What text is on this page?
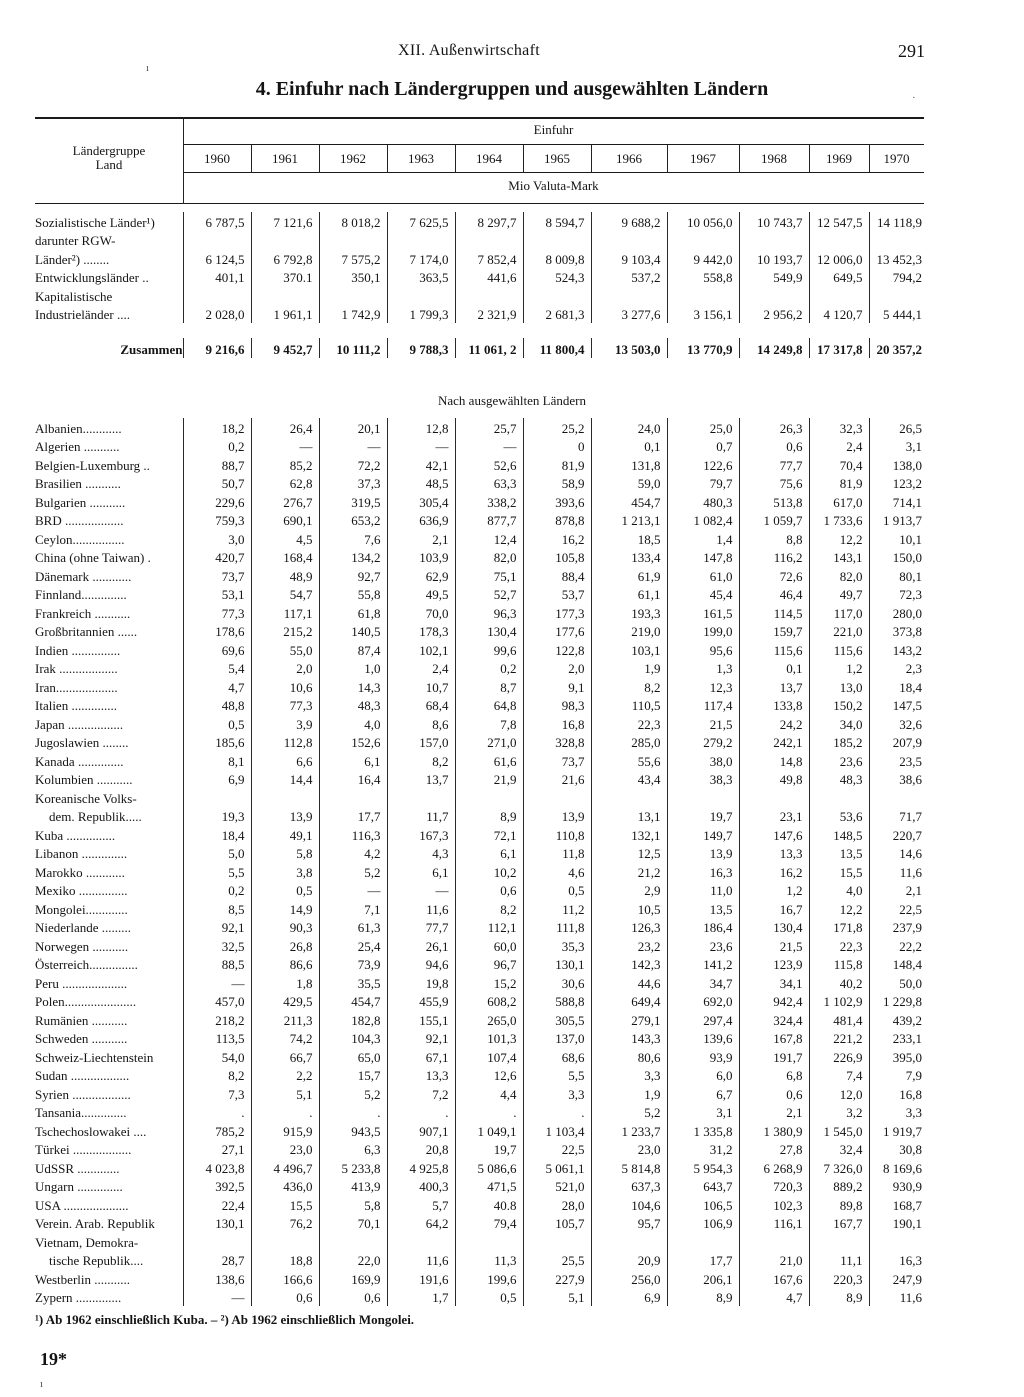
XII. Außenwirtschaft	291
ı
4. Einfuhr nach Ländergruppen und ausgewählten Ländern
Ländergruppe
Land
Einfuhr
Mio Valuta-Mark
1960	1961	1962	1963	1964	1965	1966	1967	1968	1969	1970
Sozialistische Länder¹)	6 787,5	7 121,6	8 018,2	7 625,5	8 297,7	8 594,7	9 688,2	10 056,0	10 743,7	12 547,5	14 118,9
darunter RGW-											
Länder²) ........	6 124,5	6 792,8	7 575,2	7 174,0	7 852,4	8 009,8	9 103,4	9 442,0	10 193,7	12 006,0	13 452,3
Entwicklungsländer ..	401,1	370.1	350,1	363,5	441,6	524,3	537,2	558,8	549,9	649,5	794,2
Kapitalistische											
Industrieländer ....	2 028,0	1 961,1	1 742,9	1 799,3	2 321,9	2 681,3	3 277,6	3 156,1	2 956,2	4 120,7	5 444,1
Zusammen	9 216,6	9 452,7	10 111,2	9 788,3	11 061, 2	11 800,4	13 503,0	13 770,9	14 249,8	17 317,8	20 357,2
Nach ausgewählten Ländern
Albanien............	18,2	26,4	20,1	12,8	25,7	25,2	24,0	25,0	26,3	32,3	26,5
Algerien ...........	0,2	—	—	—	—	0	0,1	0,7	0,6	2,4	3,1
Belgien-Luxemburg ..	88,7	85,2	72,2	42,1	52,6	81,9	131,8	122,6	77,7	70,4	138,0
Brasilien ...........	50,7	62,8	37,3	48,5	63,3	58,9	59,0	79,7	75,6	81,9	123,2
Bulgarien ...........	229,6	276,7	319,5	305,4	338,2	393,6	454,7	480,3	513,8	617,0	714,1
BRD ..................	759,3	690,1	653,2	636,9	877,7	878,8	1 213,1	1 082,4	1 059,7	1 733,6	1 913,7
Ceylon................	3,0	4,5	7,6	2,1	12,4	16,2	18,5	1,4	8,8	12,2	10,1
China (ohne Taiwan) .	420,7	168,4	134,2	103,9	82,0	105,8	133,4	147,8	116,2	143,1	150,0
Dänemark ............	73,7	48,9	92,7	62,9	75,1	88,4	61,9	61,0	72,6	82,0	80,1
Finnland..............	53,1	54,7	55,8	49,5	52,7	53,7	61,1	45,4	46,4	49,7	72,3
Frankreich ...........	77,3	117,1	61,8	70,0	96,3	177,3	193,3	161,5	114,5	117,0	280,0
Großbritannien ......	178,6	215,2	140,5	178,3	130,4	177,6	219,0	199,0	159,7	221,0	373,8
Indien ...............	69,6	55,0	87,4	102,1	99,6	122,8	103,1	95,6	115,6	115,6	143,2
Irak ..................	5,4	2,0	1,0	2,4	0,2	2,0	1,9	1,3	0,1	1,2	2,3
Iran...................	4,7	10,6	14,3	10,7	8,7	9,1	8,2	12,3	13,7	13,0	18,4
Italien ..............	48,8	77,3	48,3	68,4	64,8	98,3	110,5	117,4	133,8	150,2	147,5
Japan .................	0,5	3,9	4,0	8,6	7,8	16,8	22,3	21,5	24,2	34,0	32,6
Jugoslawien ........	185,6	112,8	152,6	157,0	271,0	328,8	285,0	279,2	242,1	185,2	207,9
Kanada ..............	8,1	6,6	6,1	8,2	61,6	73,7	55,6	38,0	14,8	23,6	23,5
Kolumbien ...........	6,9	14,4	16,4	13,7	21,9	21,6	43,4	38,3	49,8	48,3	38,6
Koreanische Volks-											
dem. Republik.....	19,3	13,9	17,7	11,7	8,9	13,9	13,1	19,7	23,1	53,6	71,7
Kuba ...............	18,4	49,1	116,3	167,3	72,1	110,8	132,1	149,7	147,6	148,5	220,7
Libanon ..............	5,0	5,8	4,2	4,3	6,1	11,8	12,5	13,9	13,3	13,5	14,6
Marokko ............	5,5	3,8	5,2	6,1	10,2	4,6	21,2	16,3	16,2	15,5	11,6
Mexiko ...............	0,2	0,5	—	—	0,6	0,5	2,9	11,0	1,2	4,0	2,1
Mongolei.............	8,5	14,9	7,1	11,6	8,2	11,2	10,5	13,5	16,7	12,2	22,5
Niederlande .........	92,1	90,3	61,3	77,7	112,1	111,8	126,3	186,4	130,4	171,8	237,9
Norwegen ...........	32,5	26,8	25,4	26,1	60,0	35,3	23,2	23,6	21,5	22,3	22,2
Österreich...............	88,5	86,6	73,9	94,6	96,7	130,1	142,3	141,2	123,9	115,8	148,4
Peru ....................	—	1,8	35,5	19,8	15,2	30,6	44,6	34,7	34,1	40,2	50,0
Polen......................	457,0	429,5	454,7	455,9	608,2	588,8	649,4	692,0	942,4	1 102,9	1 229,8
Rumänien ...........	218,2	211,3	182,8	155,1	265,0	305,5	279,1	297,4	324,4	481,4	439,2
Schweden ...........	113,5	74,2	104,3	92,1	101,3	137,0	143,3	139,6	167,8	221,2	233,1
Schweiz-Liechtenstein	54,0	66,7	65,0	67,1	107,4	68,6	80,6	93,9	191,7	226,9	395,0
Sudan ..................	8,2	2,2	15,7	13,3	12,6	5,5	3,3	6,0	6,8	7,4	7,9
Syrien ..................	7,3	5,1	5,2	7,2	4,4	3,3	1,9	6,7	0,6	12,0	16,8
Tansania..............	.	.	.	.	.	.	5,2	3,1	2,1	3,2	3,3
Tschechoslowakei ....	785,2	915,9	943,5	907,1	1 049,1	1 103,4	1 233,7	1 335,8	1 380,9	1 545,0	1 919,7
Türkei ..................	27,1	23,0	6,3	20,8	19,7	22,5	23,0	31,2	27,8	32,4	30,8
UdSSR .............	4 023,8	4 496,7	5 233,8	4 925,8	5 086,6	5 061,1	5 814,8	5 954,3	6 268,9	7 326,0	8 169,6
Ungarn ..............	392,5	436,0	413,9	400,3	471,5	521,0	637,3	643,7	720,3	889,2	930,9
USA ....................	22,4	15,5	5,8	5,7	40.8	28,0	104,6	106,5	102,3	89,8	168,7
Verein. Arab. Republik	130,1	76,2	70,1	64,2	79,4	105,7	95,7	106,9	116,1	167,7	190,1
Vietnam, Demokra-											
tische Republik....	28,7	18,8	22,0	11,6	11,3	25,5	20,9	17,7	21,0	11,1	16,3
Westberlin ...........	138,6	166,6	169,9	191,6	199,6	227,9	256,0	206,1	167,6	220,3	247,9
Zypern ..............	—	0,6	0,6	1,7	0,5	5,1	6,9	8,9	4,7	8,9	11,6
¹) Ab 1962 einschließlich Kuba. – ²) Ab 1962 einschließlich Mongolei.
19*
ı
·
